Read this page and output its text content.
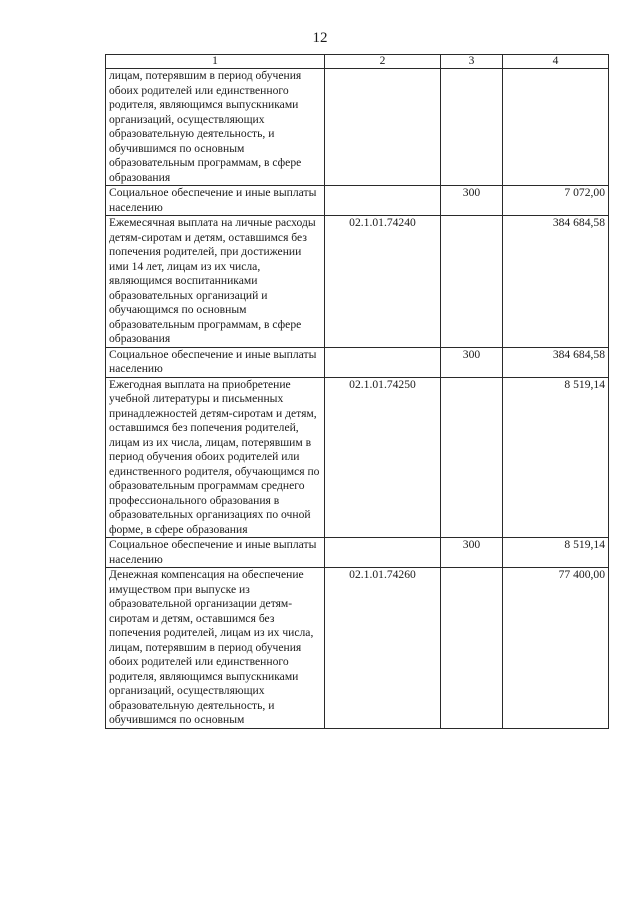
12
1	2	3	4
лицам, потерявшим в период обучения обоих родителей или единственного родителя, являющимся выпускниками организаций, осуществляющих образовательную деятельность, и обучившимся по основным образовательным программам, в сфере образования			
Социальное обеспечение и иные выплаты населению		300	7 072,00
Ежемесячная выплата на личные расходы детям-сиротам и детям, оставшимся без попечения родителей, при достижении ими 14 лет, лицам из их числа, являющимся воспитанниками образовательных организаций и обучающимся по основным образовательным программам, в сфере образования	02.1.01.74240		384 684,58
Социальное обеспечение и иные выплаты населению		300	384 684,58
Ежегодная выплата на приобретение учебной литературы и письменных принадлежностей детям-сиротам и детям, оставшимся без попечения родителей, лицам из их числа, лицам, потерявшим в период обучения обоих родителей или единственного родителя, обучающимся по образовательным программам среднего профессионального образования в образовательных организациях по очной форме, в сфере образования	02.1.01.74250		8 519,14
Социальное обеспечение и иные выплаты населению		300	8 519,14
Денежная компенсация на обеспечение имуществом при выпуске из образовательной организации детям-сиротам и детям, оставшимся без попечения родителей, лицам из их числа, лицам, потерявшим в период обучения обоих родителей или единственного родителя, являющимся выпускниками организаций, осуществляющих образовательную деятельность, и обучившимся по основным	02.1.01.74260		77 400,00
